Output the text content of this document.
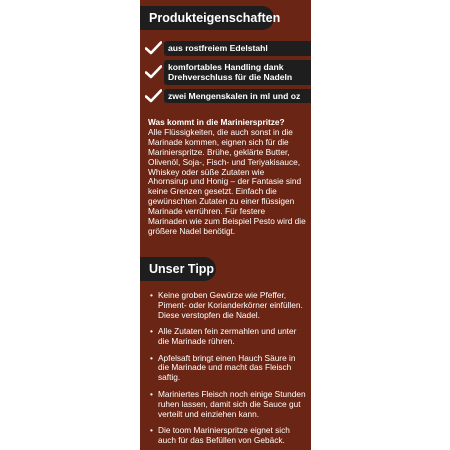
Produkteigenschaften
aus rostfreiem Edelstahl
komfortables Handling dank Drehverschluss für die Nadeln
zwei Mengenskalen in ml und oz
Was kommt in die Marinierspritze?
Alle Flüssigkeiten, die auch sonst in die Marinade kommen, eignen sich für die Marinierspritze. Brühe, geklärte Butter, Olivenöl, Soja-, Fisch- und Teriyakisauce, Whiskey oder süße Zutaten wie Ahornsirup und Honig – der Fantasie sind keine Grenzen gesetzt. Einfach die gewünschten Zutaten zu einer flüssigen Marinade verrühren. Für festere Marinaden wie zum Beispiel Pesto wird die größere Nadel benötigt.
Unser Tipp
• Keine groben Gewürze wie Pfeffer, Piment- oder Korianderkörner einfüllen. Diese verstopfen die Nadel.
• Alle Zutaten fein zermahlen und unter die Marinade rühren.
• Apfelsaft bringt einen Hauch Säure in die Marinade und macht das Fleisch saftig.
• Mariniertes Fleisch noch einige Stunden ruhen lassen, damit sich die Sauce gut verteilt und einziehen kann.
• Die toom Marinierspritze eignet sich auch für das Befüllen von Gebäck.
